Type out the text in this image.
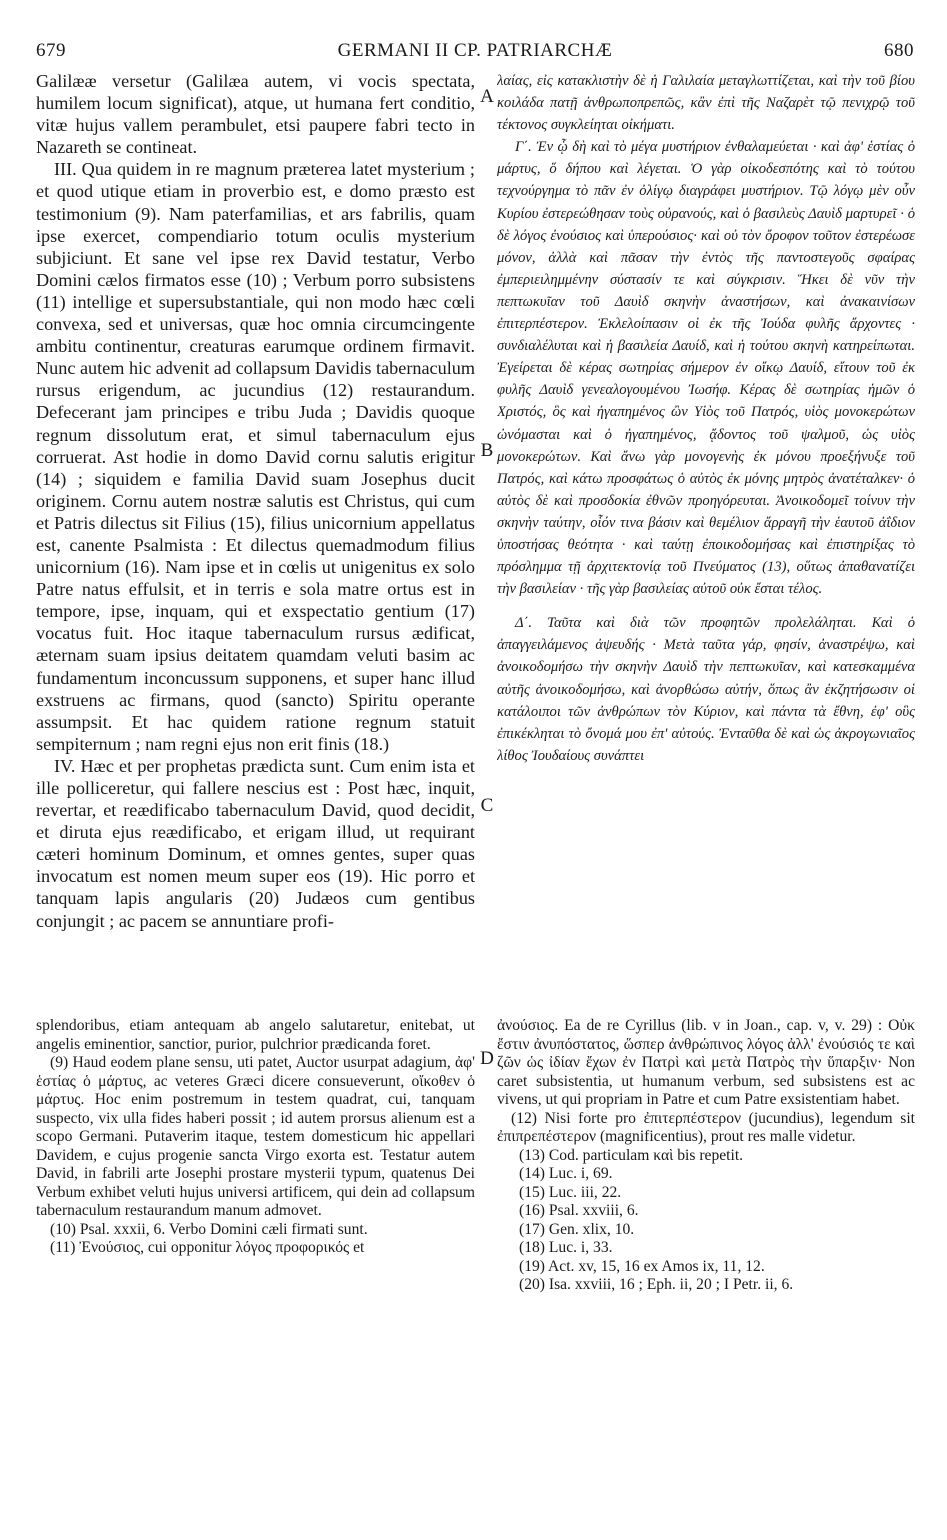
679	GERMANI II CP. PATRIARCHÆ	680

Galilææ versetur (Galilæa autem, vi vocis spectata, humilem locum significat), atque, ut humana fert conditio, vitæ hujus vallem perambulet, etsi paupere fabri tecto in Nazareth se contineat.

III. Qua quidem in re magnum præterea latet mysterium ; et quod utique etiam in proverbio est, e domo præsto est testimonium (9). Nam paterfamilias, et ars fabrilis, quam ipse exercet, compendiario totum oculis mysterium subjiciunt. Et sane vel ipse rex David testatur, Verbo Domini cælos firmatos esse (10) ; Verbum porro subsistens (11) intellige et supersubstantiale, qui non modo hæc cœli convexa, sed et universas, quæ hoc omnia circumcingente ambitu continentur, creaturas earumque ordinem firmavit. Nunc autem hic advenit ad collapsum Davidis tabernaculum rursus erigendum, ac jucundius (12) restaurandum. Defecerant jam principes e tribu Juda ; Davidis quoque regnum dissolutum erat, et simul tabernaculum ejus corruerat. Ast hodie in domo David cornu salutis erigitur (14) ; siquidem e familia David suam Josephus ducit originem. Cornu autem nostræ salutis est Christus, qui cum et Patris dilectus sit Filius (15), filius unicornium appellatus est, canente Psalmista : Et dilectus quemadmodum filius unicornium (16). Nam ipse et in cœlis ut unigenitus ex solo Patre natus effulsit, et in terris e sola matre ortus est in tempore, ipse, inquam, qui et exspectatio gentium (17) vocatus fuit. Hoc itaque tabernaculum rursus ædificat, æternam suam ipsius deitatem quamdam veluti basim ac fundamentum inconcussum supponens, et super hanc illud exstruens ac firmans, quod (sancto) Spiritu operante assumpsit. Et hac quidem ratione regnum statuit sempiternum ; nam regni ejus non erit finis (18.)

IV. Hæc et per prophetas prædicta sunt. Cum enim ista et ille polliceretur, qui fallere nescius est : Post hæc, inquit, revertar, et reædificabo tabernaculum David, quod decidit, et diruta ejus reædificabo, et erigam illud, ut requirant cæteri hominum Dominum, et omnes gentes, super quas invocatum est nomen meum super eos (19). Hic porro et tanquam lapis angularis (20) Judæos cum gentibus conjungit ; ac pacem se annuntiare profi-

λαίας, εἰς κατακλιστὴν δὲ ἡ Γαλιλαία μεταγλωττίζεται, καὶ τὴν τοῦ βίου κοιλάδα πατῇ ἀνθρωποπρεπῶς, κἂν ἐπὶ τῆς Ναζαρὲτ τῷ πενιχρῷ τοῦ τέκτονος συγκλείηται οἰκήματι.

Γ΄. Ἐν ᾧ δὴ καὶ τὸ μέγα μυστήριον ἐνθαλαμεύεται · καὶ ἀφ' ἑστίας ὁ μάρτυς, ὅ δήπου καὶ λέγεται. Ὁ γὰρ οἰκοδεσπότης καὶ τὸ τούτου τεχνούργημα τὸ πᾶν ἐν ὀλίγῳ διαγράφει μυστήριον. Τῷ λόγῳ μὲν οὖν Κυρίου ἐστερεώθησαν τοὺς οὐρανούς, καὶ ὁ βασιλεὺς Δαυὶδ μαρτυρεῖ · ὁ δὲ λόγος ἐνούσιος καὶ ὑπερούσιος· καὶ οὐ τὸν ὄροφον τοῦτον ἐστερέωσε μόνον, ἀλλὰ καὶ πᾶσαν τὴν ἐντὸς τῆς παντοστεγοῦς σφαίρας ἐμπεριειλημμένην σύστασίν τε καὶ σύγκρισιν. Ἥκει δὲ νῦν τὴν πεπτωκυῖαν τοῦ Δαυὶδ σκηνὴν ἀναστήσων, καὶ ἀνακαινίσων ἐπιτερπέστερον. Ἐκλελοίπασιν οἱ ἐκ τῆς Ἰούδα φυλῆς ἄρχοντες · συνδιαλέλυται καὶ ἡ βασιλεία Δαυίδ, καὶ ἡ τούτου σκηνὴ κατηρείπωται. Ἐγείρεται δὲ κέρας σωτηρίας σήμερον ἐν οἴκῳ Δαυίδ, εἴτουν τοῦ ἐκ φυλῆς Δαυὶδ γενεαλογουμένου Ἰωσήφ. Κέρας δὲ σωτηρίας ἡμῶν ὁ Χριστός, ὃς καὶ ἠγαπημένος ὢν Υἱὸς τοῦ Πατρός, υἱὸς μονοκερώτων ὠνόμασται καὶ ὁ ἠγαπημένος, ᾄδοντος τοῦ ψαλμοῦ, ὡς υἱὸς μονοκερώτων. Καὶ ἄνω γὰρ μονογενὴς ἐκ μόνου προεξήνυξε τοῦ Πατρός, καὶ κάτω προσφάτως ὁ αὐτὸς ἐκ μόνης μητρὸς ἀνατέταλκεν· ὁ αὐτὸς δὲ καὶ προσδοκία ἐθνῶν προηγόρευται. Ἀνοικοδομεῖ τοίνυν τὴν σκηνὴν ταύτην, οἷόν τινα βάσιν καὶ θεμέλιον ἄρραγῆ τὴν ἑαυτοῦ ἀΐδιον ὑποστήσας θεότητα · καὶ ταύτῃ ἐποικοδομήσας καὶ ἐπιστηρίξας τὸ πρόσλημμα τῇ ἀρχιτεκτονίᾳ τοῦ Πνεύματος (13), οὕτως ἀπαθανατίζει τὴν βασιλείαν · τῆς γὰρ βασιλείας αὐτοῦ οὐκ ἔσται τέλος.

Δ΄. Ταῦτα καὶ διὰ τῶν προφητῶν προλελάληται. Καὶ ὁ ἀπαγγειλάμενος ἀψευδής · Μετὰ ταῦτα γάρ, φησίν, ἀναστρέψω, καὶ ἀνοικοδομήσω τὴν σκηνὴν Δαυὶδ τὴν πεπτωκυῖαν, καὶ κατεσκαμμένα αὐτῆς ἀνοικοδομήσω, καὶ ἀνορθώσω αὐτήν, ὅπως ἂν ἐκζητήσωσιν οἱ κατάλοιποι τῶν ἀνθρώπων τὸν Κύριον, καὶ πάντα τὰ ἔθνη, ἐφ' οὓς ἐπικέκληται τὸ ὄνομά μου ἐπ' αὐτούς. Ἐνταῦθα δὲ καὶ ὡς ἀκρογωνιαῖος λίθος Ἰουδαίους συνάπτει

A
B
C
D

splendoribus, etiam antequam ab angelo salutaretur, enitebat, ut angelis eminentior, sanctior, purior, pulchrior prædicanda foret.

(9) Haud eodem plane sensu, uti patet, Auctor usurpat adagium, ἀφ' ἑστίας ὁ μάρτυς, ac veteres Græci dicere consueverunt, οἴκοθεν ὁ μάρτυς. Hoc enim postremum in testem quadrat, cui, tanquam suspecto, vix ulla fides haberi possit ; id autem prorsus alienum est a scopo Germani. Putaverim itaque, testem domesticum hic appellari Davidem, e cujus progenie sancta Virgo exorta est. Testatur autem David, in fabrili arte Josephi prostare mysterii typum, quatenus Dei Verbum exhibet veluti hujus universi artificem, qui dein ad collapsum tabernaculum restaurandum manum admovet.

(10) Psal. xxxii, 6. Verbo Domini cæli firmati sunt.

(11) Ἐνούσιος, cui opponitur λόγος προφορικός et

ἀνούσιος. Ea de re Cyrillus (lib. v in Joan., cap. v, v. 29) : Οὐκ ἔστιν ἀνυπόστατος, ὥσπερ ἀνθρώπινος λόγος ἀλλ' ἐνούσιός τε καὶ ζῶν ὡς ἰδίαν ἔχων ἐν Πατρὶ καὶ μετὰ Πατρὸς τὴν ὕπαρξιν· Non caret subsistentia, ut humanum verbum, sed subsistens est ac vivens, ut qui propriam in Patre et cum Patre exsistentiam habet.

(12) Nisi forte pro ἐπιτερπέστερον (jucundius), legendum sit ἐπιπρεπέστερον (magnificentius), prout res malle videtur.

(13) Cod. particulam καὶ bis repetit.

(14) Luc. i, 69.

(15) Luc. iii, 22.

(16) Psal. xxviii, 6.

(17) Gen. xlix, 10.

(18) Luc. i, 33.

(19) Act. xv, 15, 16 ex Amos ix, 11, 12.

(20) Isa. xxviii, 16 ; Eph. ii, 20 ; I Petr. ii, 6.
